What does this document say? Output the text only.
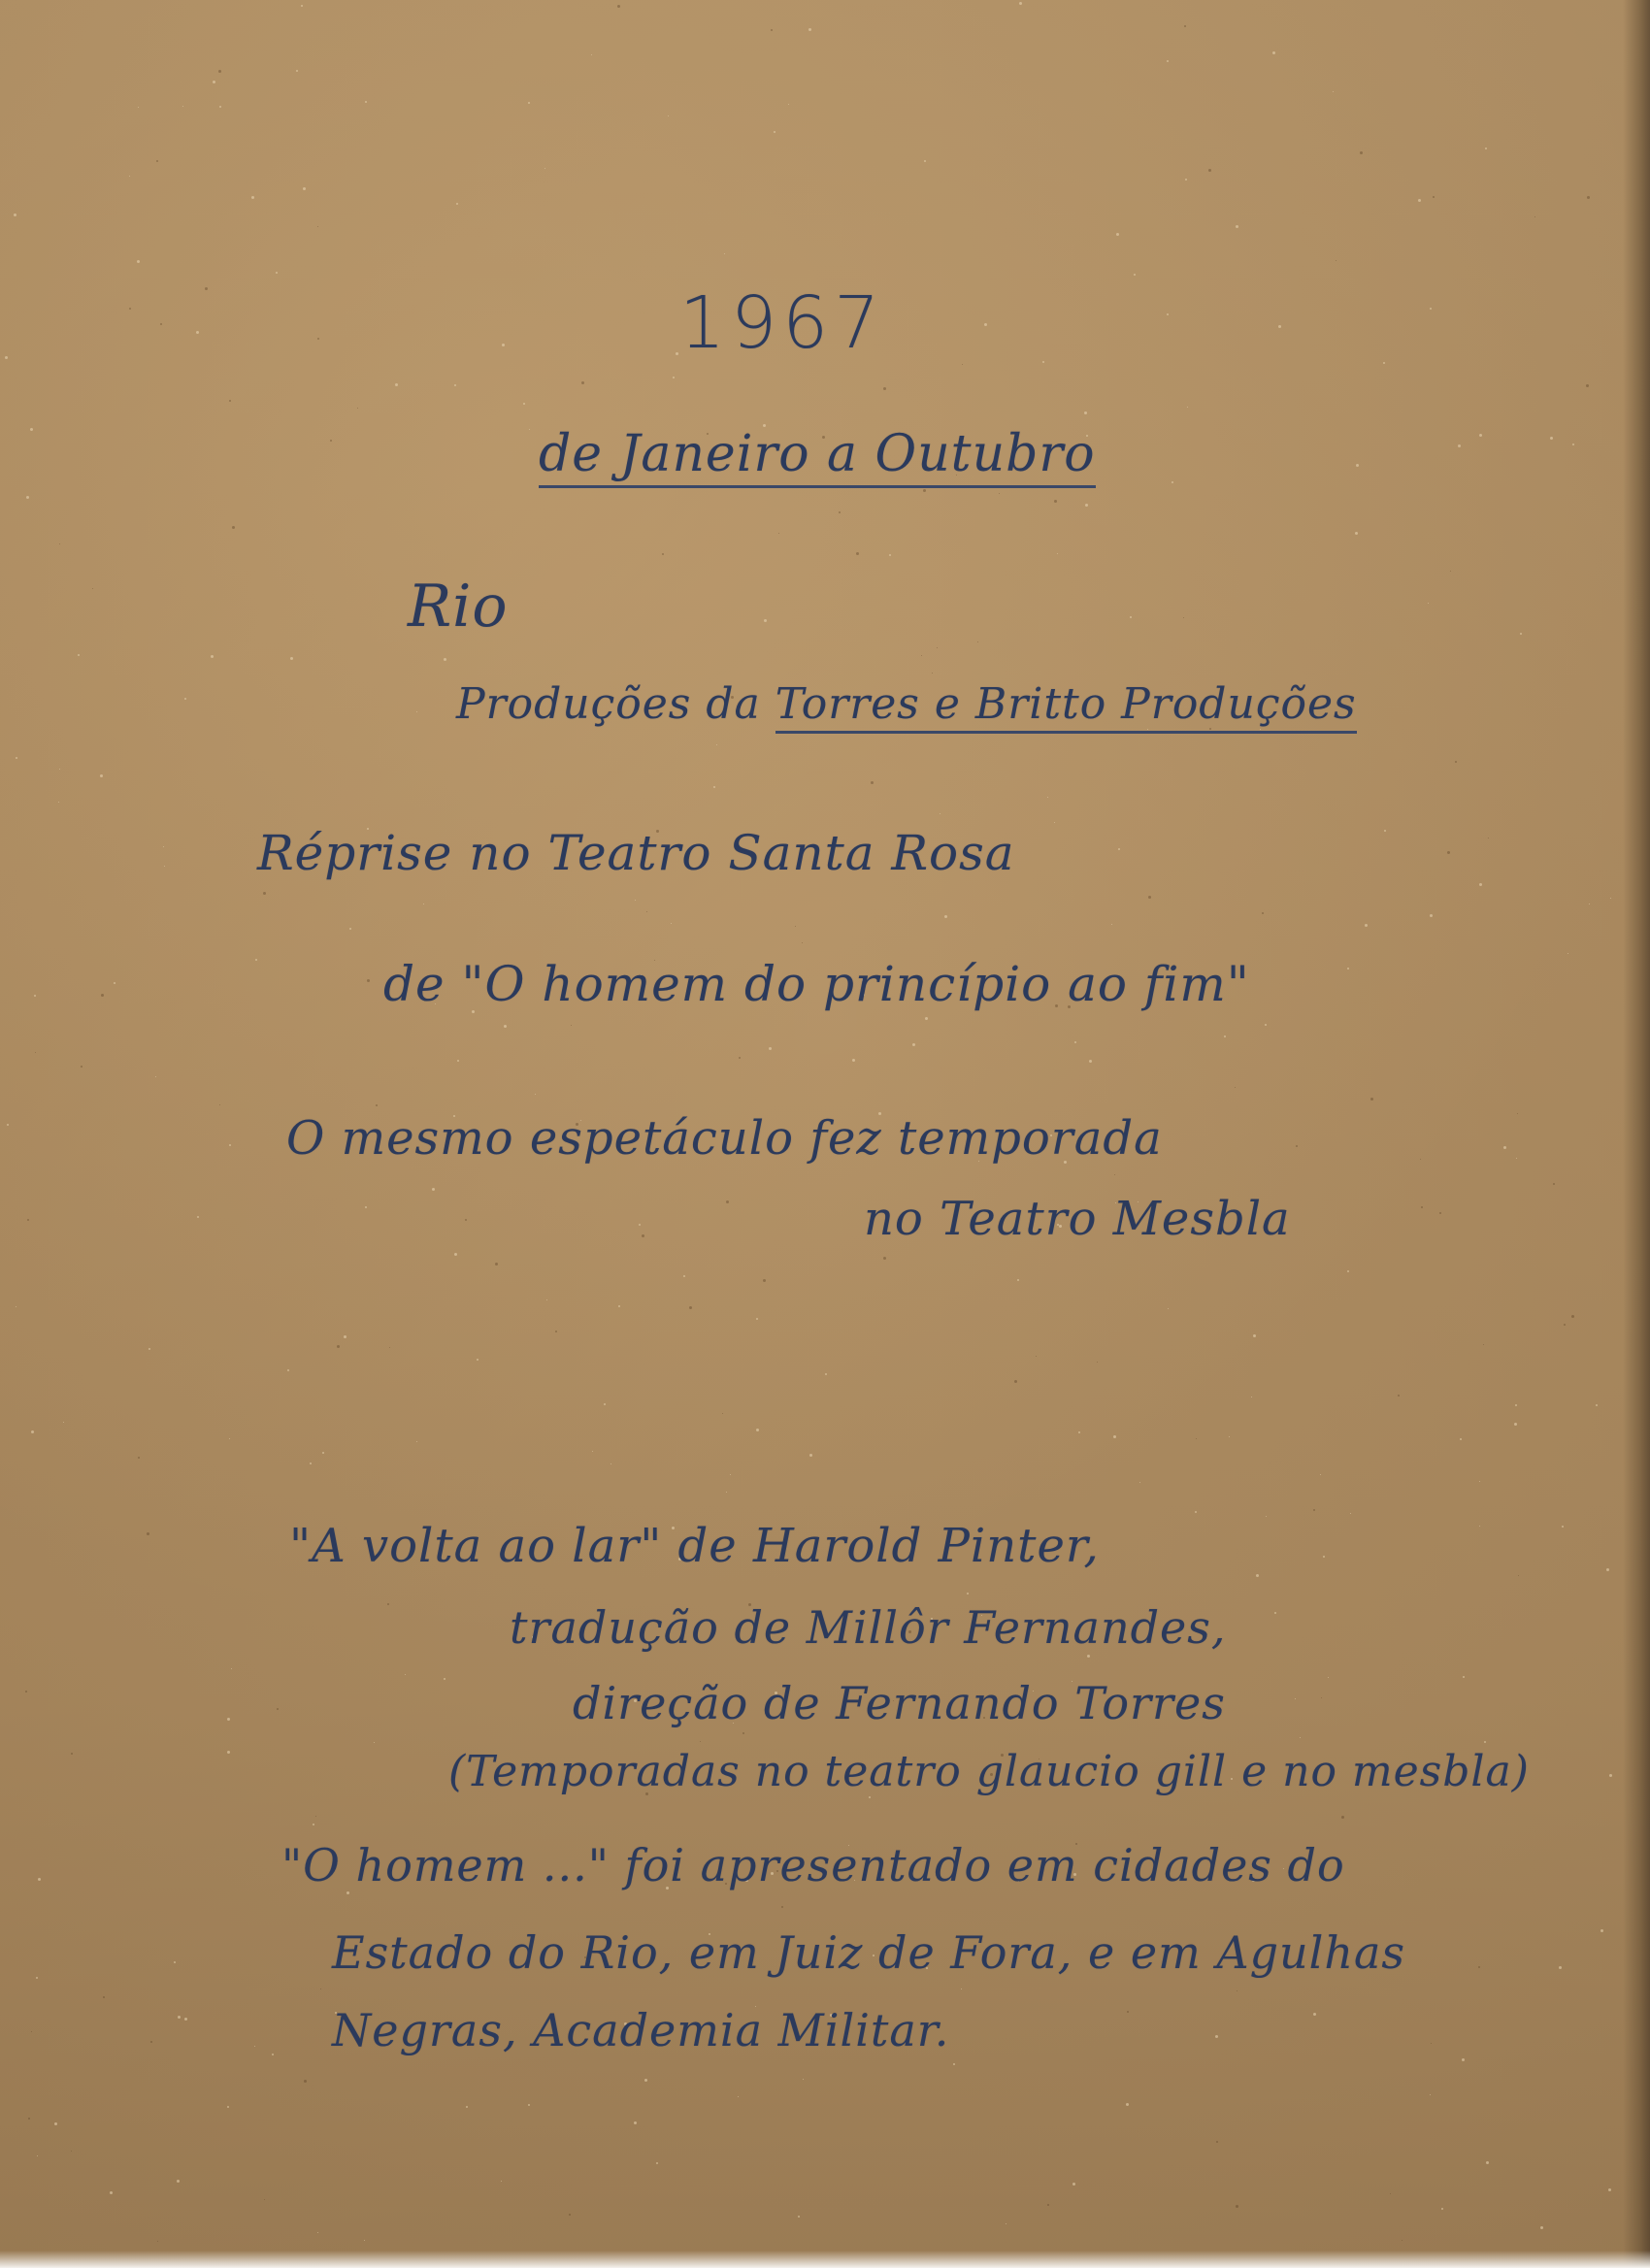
1967
de Janeiro a Outubro
Rio
Produções da Torres e Britto Produções
Réprise no Teatro Santa Rosa
de "O homem do princípio ao fim"
O mesmo espetáculo fez temporada
no Teatro Mesbla
"A volta ao lar" de Harold Pinter,
tradução de Millôr Fernandes,
direção de Fernando Torres
(Temporadas no teatro glaucio gill e no mesbla)
"O homem ..." foi apresentado em cidades do
Estado do Rio, em Juiz de Fora, e em Agulhas
Negras, Academia Militar.
